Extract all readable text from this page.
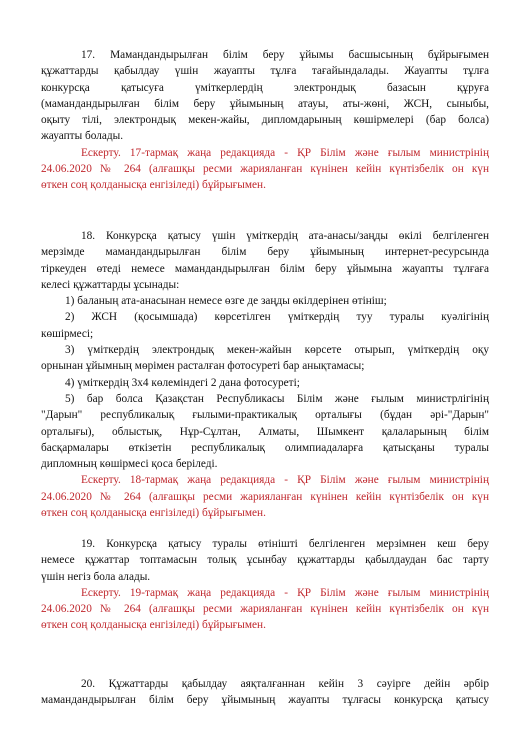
17. Мамандандырылған білім беру ұйымы басшысының бұйрығымен
құжаттарды қабылдау үшін жауапты тұлға тағайындалады. Жауапты тұлға
конкурсқа қатысуға үміткерлердің электрондық базасын құруға
(мамандандырылған білім беру ұйымының атауы, аты-жөні, ЖСН, сыныбы,
оқыту тілі, электрондық мекен-жайы, дипломдарының көшірмелері (бар болса)
жауапты болады.
Ескерту. 17-тармақ жаңа редакцияда - ҚР Білім және ғылым министрінің
24.06.2020 № 264 (алғашқы ресми жарияланған күнінен кейін күнтізбелік он күн
өткен соң қолданысқа енгізіледі) бұйрығымен.
18. Конкурсқа қатысу үшін үміткердің ата-анасы/заңды өкілі белгіленген
мерзімде мамандандырылған білім беру ұйымының интернет-ресурсында
тіркеуден өтеді немесе мамандандырылған білім беру ұйымына жауапты тұлғаға
келесі құжаттарды ұсынады:
1) баланың ата-анасынан немесе өзге де заңды өкілдерінен өтініш;
2) ЖСН (қосымшада) көрсетілген үміткердің туу туралы куәлігінің
көшірмесі;
3) үміткердің электрондық мекен-жайын көрсете отырып, үміткердің оқу
орнынан ұйымның мөрімен расталған фотосуреті бар анықтамасы;
4) үміткердің 3х4 көлеміндегі 2 дана фотосуреті;
5) бар болса Қазақстан Республикасы Білім және ғылым министрлігінің
"Дарын" республикалық ғылыми-практикалық орталығы (бұдан әрі-"Дарын"
орталығы), облыстық, Нұр-Сұлтан, Алматы, Шымкент қалаларының білім
басқармалары өткізетін республикалық олимпиадаларға қатысқаны туралы
дипломның көшірмесі қоса беріледі.
Ескерту. 18-тармақ жаңа редакцияда - ҚР Білім және ғылым министрінің
24.06.2020 № 264 (алғашқы ресми жарияланған күнінен кейін күнтізбелік он күн
өткен соң қолданысқа енгізіледі) бұйрығымен.
19. Конкурсқа қатысу туралы өтінішті белгіленген мерзімнен кеш беру
немесе құжаттар топтамасын толық ұсынбау құжаттарды қабылдаудан бас тарту
үшін негіз бола алады.
Ескерту. 19-тармақ жаңа редакцияда - ҚР Білім және ғылым министрінің
24.06.2020 № 264 (алғашқы ресми жарияланған күнінен кейін күнтізбелік он күн
өткен соң қолданысқа енгізіледі) бұйрығымен.
20. Құжаттарды қабылдау аяқталғаннан кейін 3 сәуірге дейін әрбір
мамандандырылған білім беру ұйымының жауапты тұлғасы конкурсқа қатысу
